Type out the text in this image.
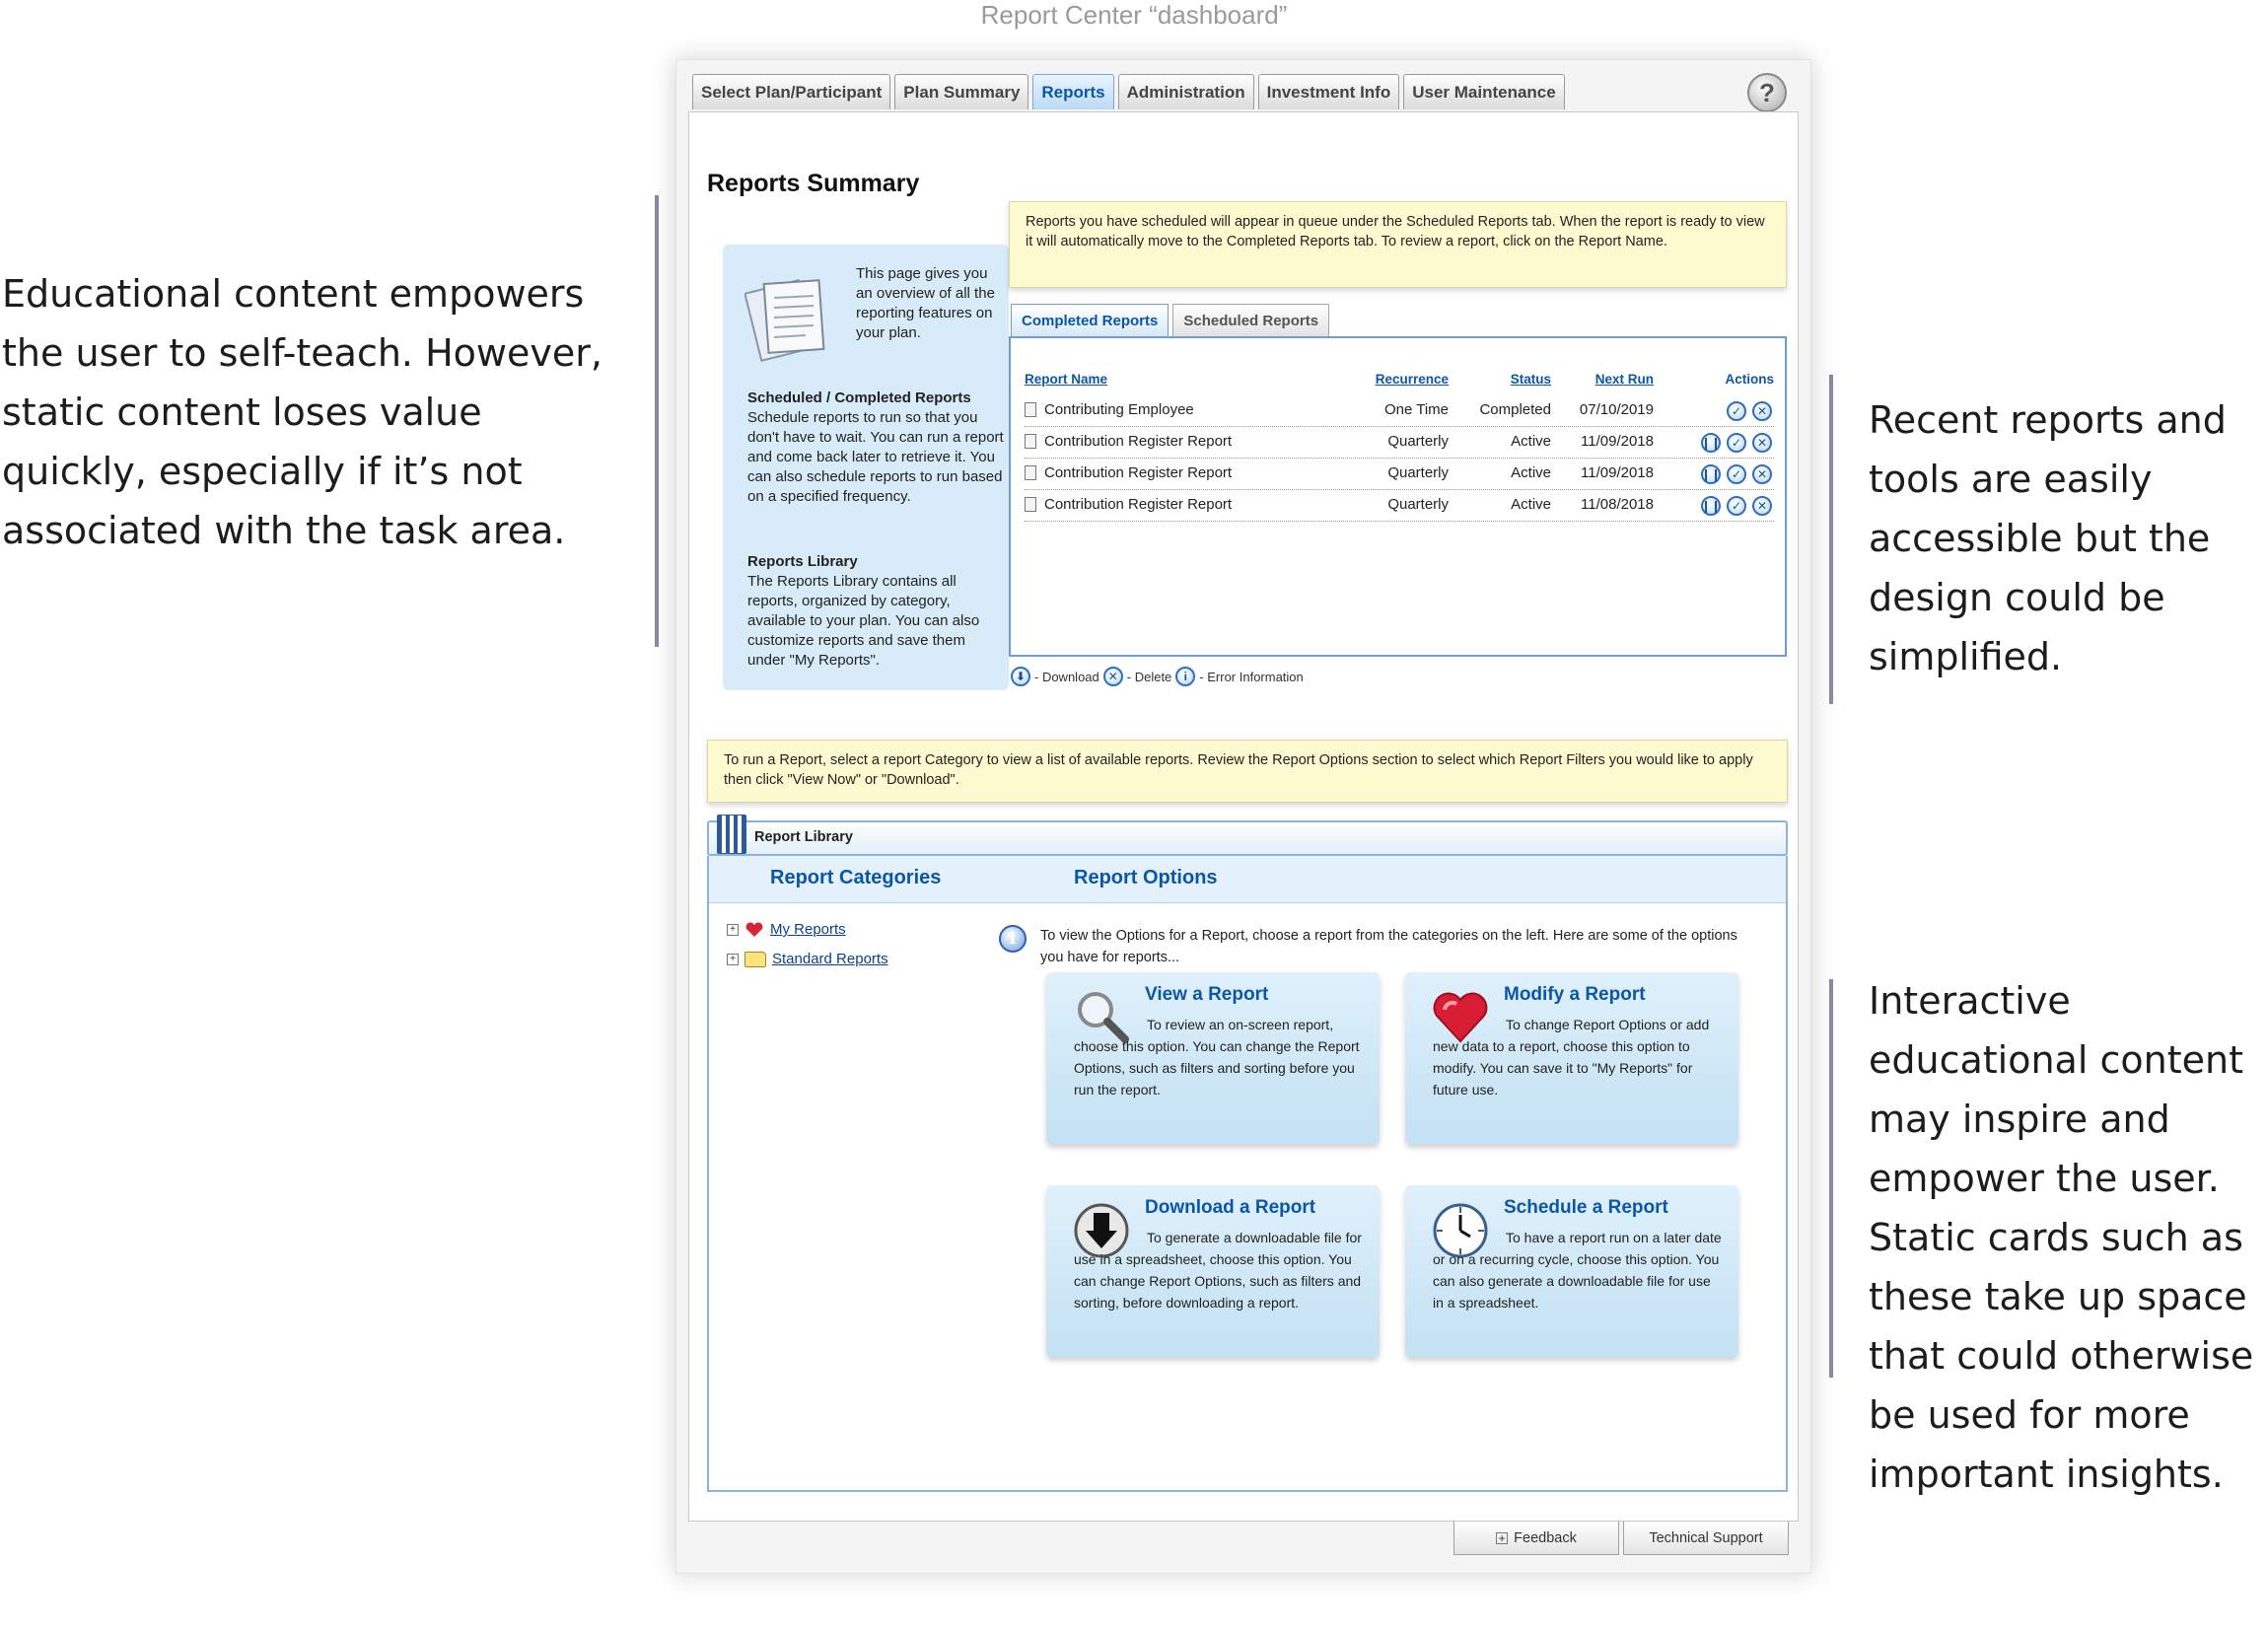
Report Center “dashboard”
Educational content empowers the user to self-teach. However, static content loses value quickly, especially if it’s not associated with the task area.
Recent reports and tools are easily accessible but the design could be simplified.
Interactive educational content may inspire and empower the user. Static cards such as these take up space that could otherwise be used for more important insights.
Select Plan/Participant	Plan Summary	Reports	Administration	Investment Info	User Maintenance	?
Reports Summary
This page gives you an overview of all the reporting features on your plan.
Scheduled / Completed Reports
Schedule reports to run so that you don't have to wait. You can run a report and come back later to retrieve it. You can also schedule reports to run based on a specified frequency.
Reports Library
The Reports Library contains all reports, organized by category, available to your plan. You can also customize reports and save them under "My Reports".
Reports you have scheduled will appear in queue under the Scheduled Reports tab. When the report is ready to view it will automatically move to the Completed Reports tab. To review a report, click on the Report Name.
Completed Reports	Scheduled Reports
Report Name	Recurrence	Status	Next Run	Actions
Contributing Employee	One Time	Completed	07/10/2019	✓	✕
Contribution Register Report	Quarterly	Active	11/09/2018	❙❙ ✓	✕
Contribution Register Report	Quarterly	Active	11/09/2018	❙❙ ✓	✕
Contribution Register Report	Quarterly	Active	11/08/2018	❙❙ ✓	✕
⬇ - Download ✕ - Delete	i - Error Information
To run a Report, select a report Category to view a list of available reports. Review the Report Options section to select which Report Filters you would like to apply then click "View Now" or "Download".
Report Library
Report Categories	Report Options
+ My Reports
+ Standard Reports
i	To view the Options for a Report, choose a report from the categories on the left. Here are some of the options you have for reports...
View a Report
To review an on-screen report, choose this option. You can change the Report Options, such as filters and sorting before you run the report.
Modify a Report
To change Report Options or add new data to a report, choose this option to modify. You can save it to "My Reports" for future use.
Download a Report
To generate a downloadable file for use in a spreadsheet, choose this option. You can change Report Options, such as filters and sorting, before downloading a report.
Schedule a Report
To have a report run on a later date or on a recurring cycle, choose this option. You can also generate a downloadable file for use in a spreadsheet.
+ Feedback	Technical Support
